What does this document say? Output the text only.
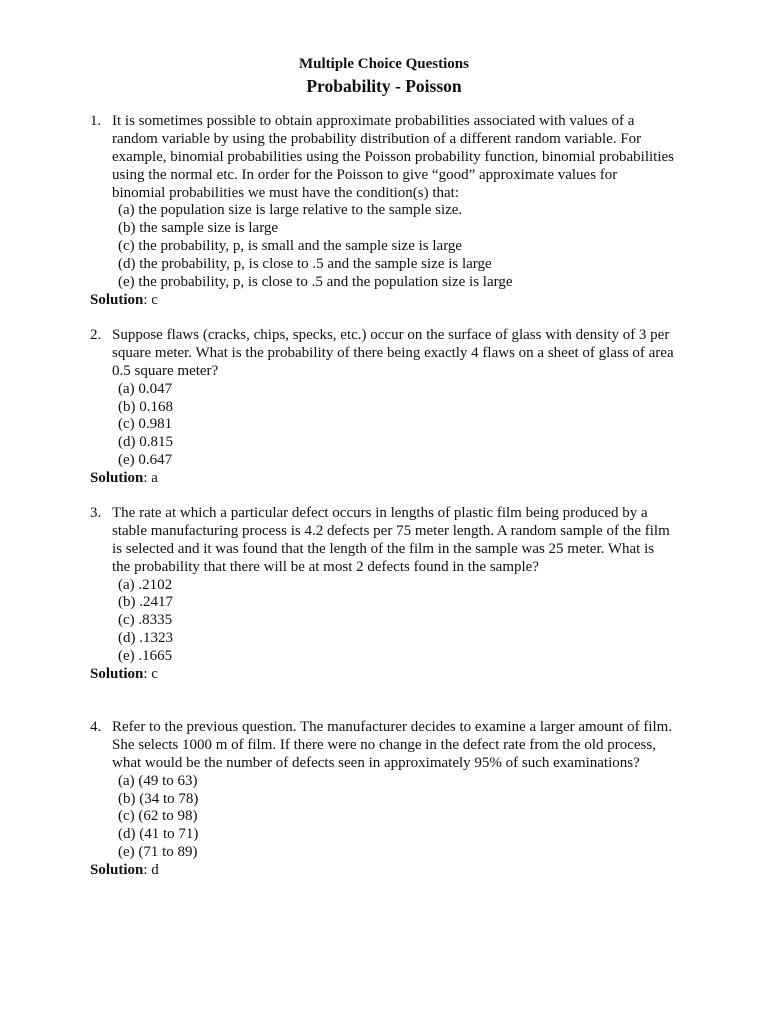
Multiple Choice Questions
Probability - Poisson
1. It is sometimes possible to obtain approximate probabilities associated with values of a
random variable by using the probability distribution of a different random variable. For
example, binomial probabilities using the Poisson probability function, binomial probabilities
using the normal etc. In order for the Poisson to give “good” approximate values for
binomial probabilities we must have the condition(s) that:
(a) the population size is large relative to the sample size.
(b) the sample size is large
(c) the probability, p, is small and the sample size is large
(d) the probability, p, is close to .5 and the sample size is large
(e) the probability, p, is close to .5 and the population size is large
Solution: c
2. Suppose flaws (cracks, chips, specks, etc.) occur on the surface of glass with density of 3 per
square meter. What is the probability of there being exactly 4 flaws on a sheet of glass of area
0.5 square meter?
(a) 0.047
(b) 0.168
(c) 0.981
(d) 0.815
(e) 0.647
Solution: a
3. The rate at which a particular defect occurs in lengths of plastic film being produced by a
stable manufacturing process is 4.2 defects per 75 meter length. A random sample of the film
is selected and it was found that the length of the film in the sample was 25 meter. What is
the probability that there will be at most 2 defects found in the sample?
(a) .2102
(b) .2417
(c) .8335
(d) .1323
(e) .1665
Solution: c
4. Refer to the previous question. The manufacturer decides to examine a larger amount of film.
She selects 1000 m of film. If there were no change in the defect rate from the old process,
what would be the number of defects seen in approximately 95% of such examinations?
(a) (49 to 63)
(b) (34 to 78)
(c) (62 to 98)
(d) (41 to 71)
(e) (71 to 89)
Solution: d
